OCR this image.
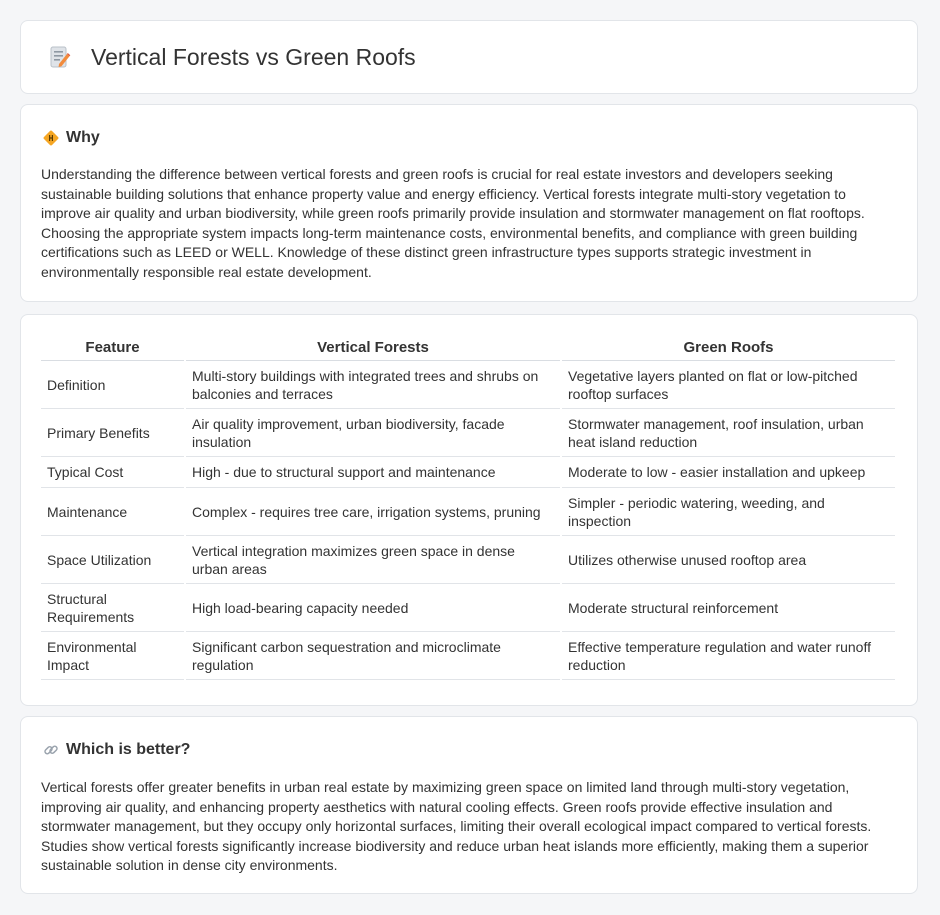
Vertical Forests vs Green Roofs
Why

Understanding the difference between vertical forests and green roofs is crucial for real estate investors and developers seeking sustainable building solutions that enhance property value and energy efficiency. Vertical forests integrate multi-story vegetation to improve air quality and urban biodiversity, while green roofs primarily provide insulation and stormwater management on flat rooftops. Choosing the appropriate system impacts long-term maintenance costs, environmental benefits, and compliance with green building certifications such as LEED or WELL. Knowledge of these distinct green infrastructure types supports strategic investment in environmentally responsible real estate development.

Feature	Vertical Forests	Green Roofs
Definition	Multi-story buildings with integrated trees and shrubs on balconies and terraces	Vegetative layers planted on flat or low-pitched rooftop surfaces
Primary Benefits	Air quality improvement, urban biodiversity, facade insulation	Stormwater management, roof insulation, urban heat island reduction
Typical Cost	High - due to structural support and maintenance	Moderate to low - easier installation and upkeep
Maintenance	Complex - requires tree care, irrigation systems, pruning	Simpler - periodic watering, weeding, and inspection
Space Utilization	Vertical integration maximizes green space in dense urban areas	Utilizes otherwise unused rooftop area
Structural Requirements	High load-bearing capacity needed	Moderate structural reinforcement
Environmental Impact	Significant carbon sequestration and microclimate regulation	Effective temperature regulation and water runoff reduction
Which is better?

Vertical forests offer greater benefits in urban real estate by maximizing green space on limited land through multi-story vegetation, improving air quality, and enhancing property aesthetics with natural cooling effects. Green roofs provide effective insulation and stormwater management, but they occupy only horizontal surfaces, limiting their overall ecological impact compared to vertical forests. Studies show vertical forests significantly increase biodiversity and reduce urban heat islands more efficiently, making them a superior sustainable solution in dense city environments.
